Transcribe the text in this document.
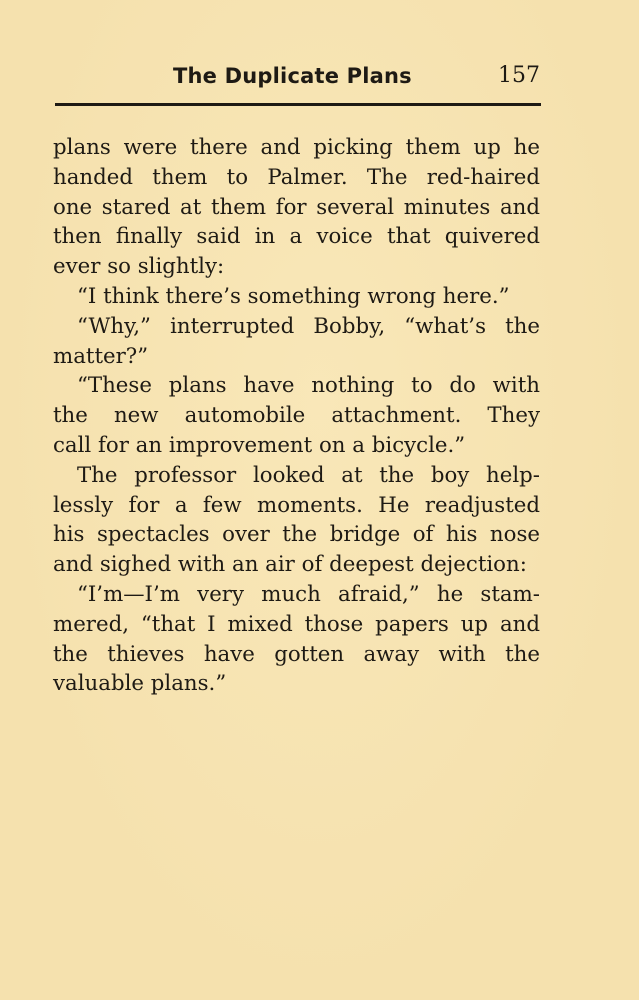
The Duplicate Plans	157
plans were there and picking them up he
handed them to Palmer. The red-haired
one stared at them for several minutes and
then finally said in a voice that quivered
ever so slightly:
“I think there’s something wrong here.”
“Why,” interrupted Bobby, “what’s the
matter?”
“These plans have nothing to do with
the new automobile attachment. They
call for an improvement on a bicycle.”
The professor looked at the boy help-
lessly for a few moments. He readjusted
his spectacles over the bridge of his nose
and sighed with an air of deepest dejection:
“I’m—I’m very much afraid,” he stam-
mered, “that I mixed those papers up and
the thieves have gotten away with the
valuable plans.”
